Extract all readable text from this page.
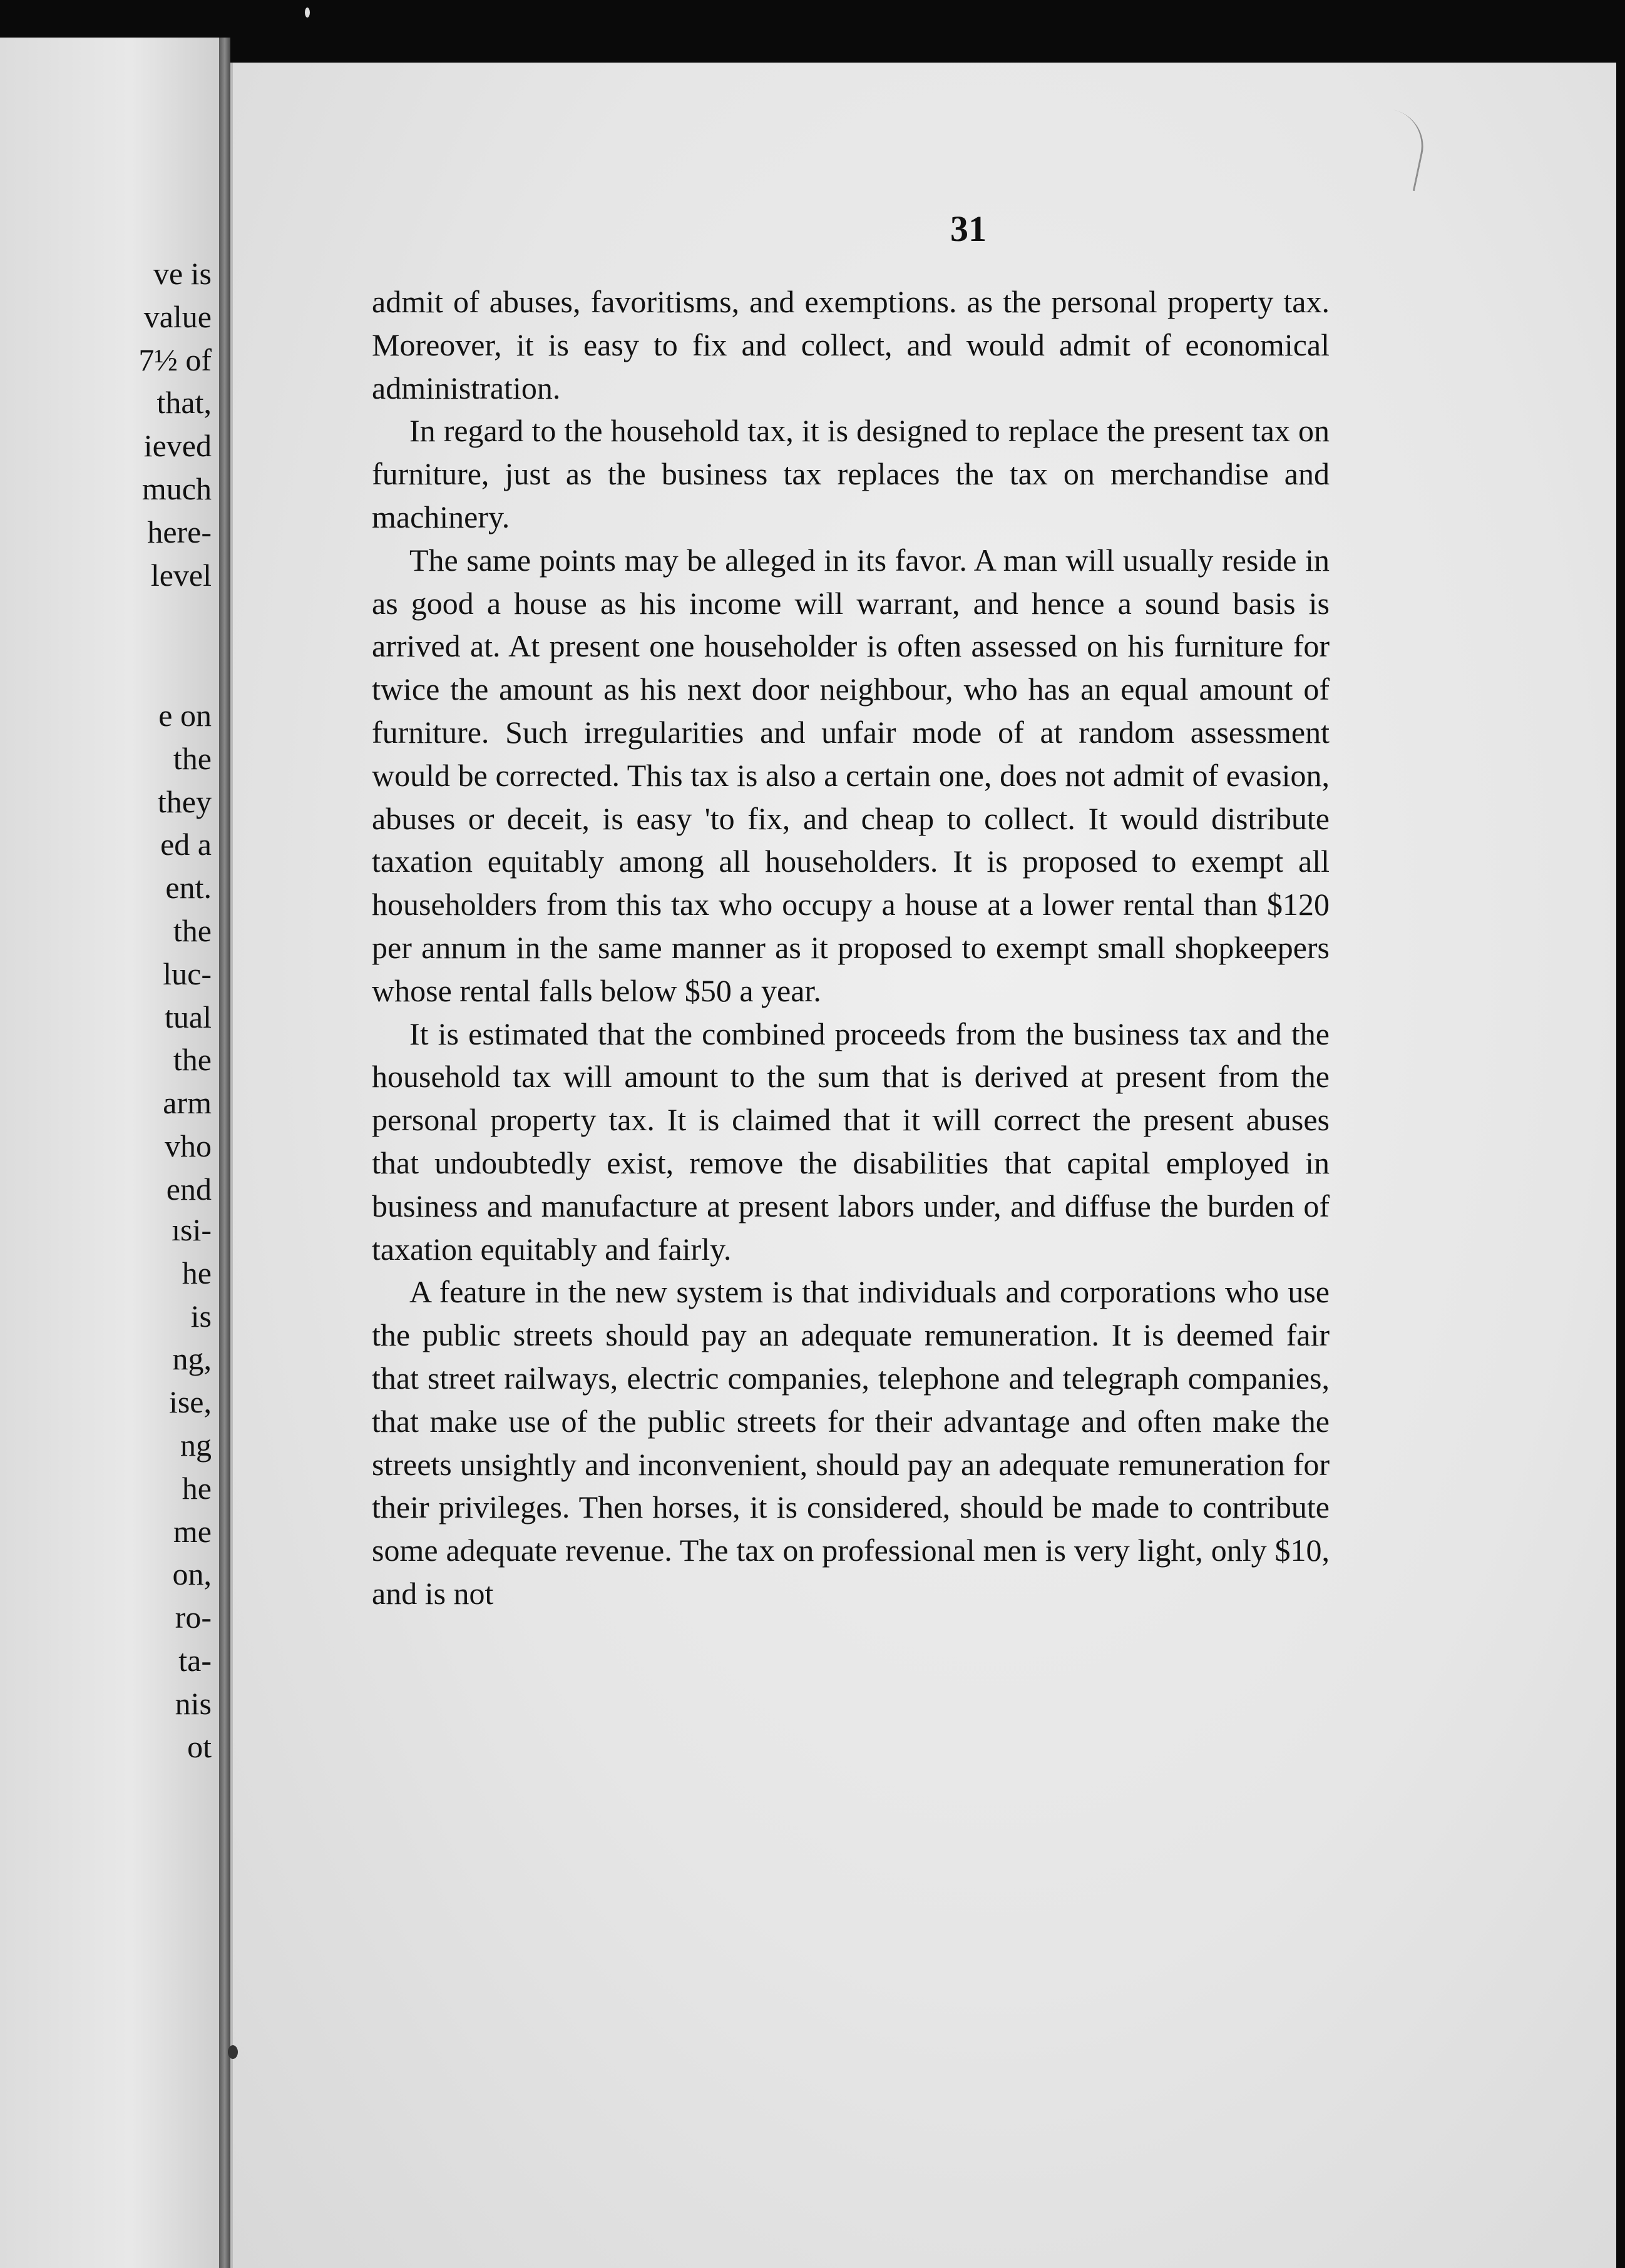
ve is
value
7½ of
that,
ieved
much
here-
level
e on
the
they
ed a
ent.
the
luc-
tual
the
arm
vho
end
ısi-
he
is
ng,
ise,
ng
he
me
on,
ro-
ta-
nis
ot
31

admit of abuses, favoritisms, and exemptions. as the personal property tax. Moreover, it is easy to fix and collect, and would admit of economical administration.

In regard to the household tax, it is designed to replace the present tax on furniture, just as the business tax replaces the tax on merchandise and machinery.

The same points may be alleged in its favor. A man will usually reside in as good a house as his income will warrant, and hence a sound basis is arrived at. At present one householder is often assessed on his furniture for twice the amount as his next door neighbour, who has an equal amount of furniture. Such irregularities and unfair mode of at random assessment would be corrected. This tax is also a certain one, does not admit of evasion, abuses or deceit, is easy 'to fix, and cheap to collect. It would distribute taxation equitably among all householders. It is proposed to exempt all householders from this tax who occupy a house at a lower rental than $120 per annum in the same manner as it proposed to exempt small shopkeepers whose rental falls below $50 a year.

It is estimated that the combined proceeds from the business tax and the household tax will amount to the sum that is derived at present from the personal property tax. It is claimed that it will correct the present abuses that undoubtedly exist, remove the disabilities that capital employed in business and manufacture at present labors under, and diffuse the burden of taxation equitably and fairly.

A feature in the new system is that individuals and corporations who use the public streets should pay an adequate remuneration. It is deemed fair that street railways, electric companies, telephone and telegraph companies, that make use of the public streets for their advantage and often make the streets unsightly and inconvenient, should pay an adequate remuneration for their privileges. Then horses, it is considered, should be made to contribute some adequate revenue. The tax on professional men is very light, only $10, and is not
